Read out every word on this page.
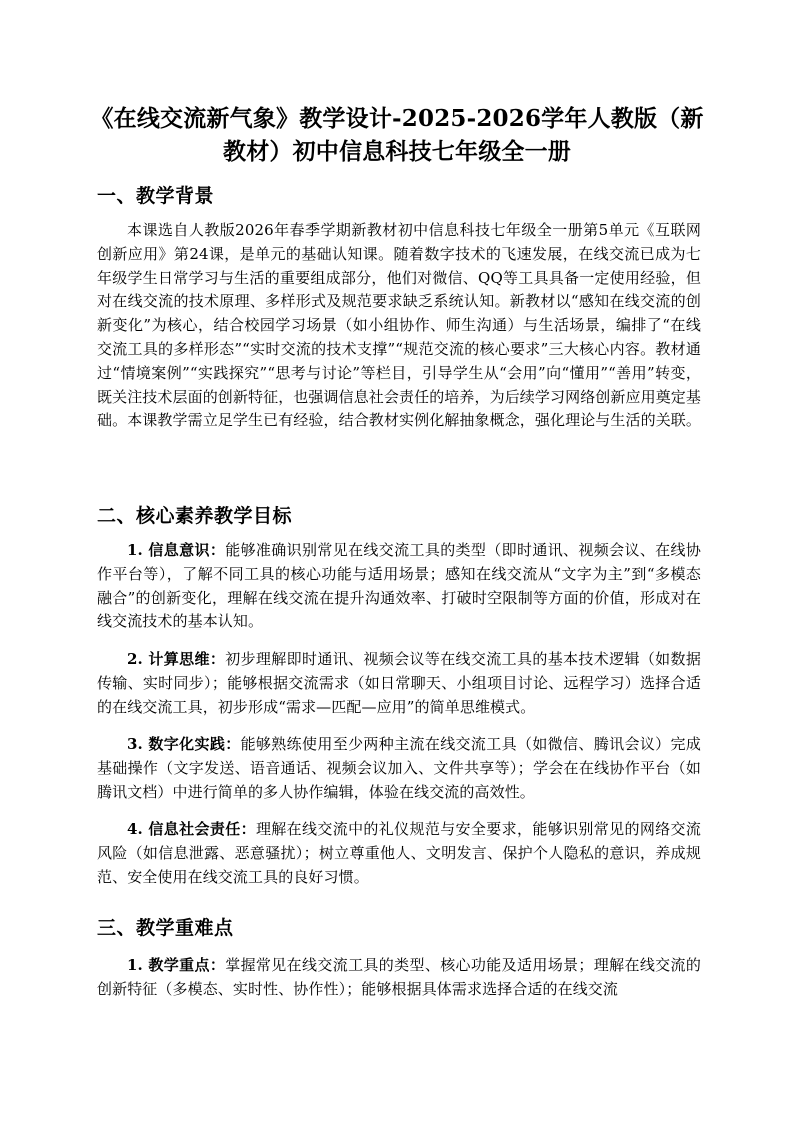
《在线交流新气象》教学设计-2025-2026学年人教版（新教材）初中信息科技七年级全一册
一、教学背景
本课选自人教版2026年春季学期新教材初中信息科技七年级全一册第5单元《互联网创新应用》第24课，是单元的基础认知课。随着数字技术的飞速发展，在线交流已成为七年级学生日常学习与生活的重要组成部分，他们对微信、QQ等工具具备一定使用经验，但对在线交流的技术原理、多样形式及规范要求缺乏系统认知。新教材以“感知在线交流的创新变化”为核心，结合校园学习场景（如小组协作、师生沟通）与生活场景，编排了“在线交流工具的多样形态”“实时交流的技术支撑”“规范交流的核心要求”三大核心内容。教材通过“情境案例”“实践探究”“思考与讨论”等栏目，引导学生从“会用”向“懂用”“善用”转变，既关注技术层面的创新特征，也强调信息社会责任的培养，为后续学习网络创新应用奠定基础。本课教学需立足学生已有经验，结合教材实例化解抽象概念，强化理论与生活的关联。
二、核心素养教学目标
1. 信息意识：能够准确识别常见在线交流工具的类型（即时通讯、视频会议、在线协作平台等），了解不同工具的核心功能与适用场景；感知在线交流从“文字为主”到“多模态融合”的创新变化，理解在线交流在提升沟通效率、打破时空限制等方面的价值，形成对在线交流技术的基本认知。
2. 计算思维：初步理解即时通讯、视频会议等在线交流工具的基本技术逻辑（如数据传输、实时同步）；能够根据交流需求（如日常聊天、小组项目讨论、远程学习）选择合适的在线交流工具，初步形成“需求—匹配—应用”的简单思维模式。
3. 数字化实践：能够熟练使用至少两种主流在线交流工具（如微信、腾讯会议）完成基础操作（文字发送、语音通话、视频会议加入、文件共享等）；学会在在线协作平台（如腾讯文档）中进行简单的多人协作编辑，体验在线交流的高效性。
4. 信息社会责任：理解在线交流中的礼仪规范与安全要求，能够识别常见的网络交流风险（如信息泄露、恶意骚扰）；树立尊重他人、文明发言、保护个人隐私的意识，养成规范、安全使用在线交流工具的良好习惯。
三、教学重难点
1. 教学重点：掌握常见在线交流工具的类型、核心功能及适用场景；理解在线交流的创新特征（多模态、实时性、协作性）；能够根据具体需求选择合适的在线交流
